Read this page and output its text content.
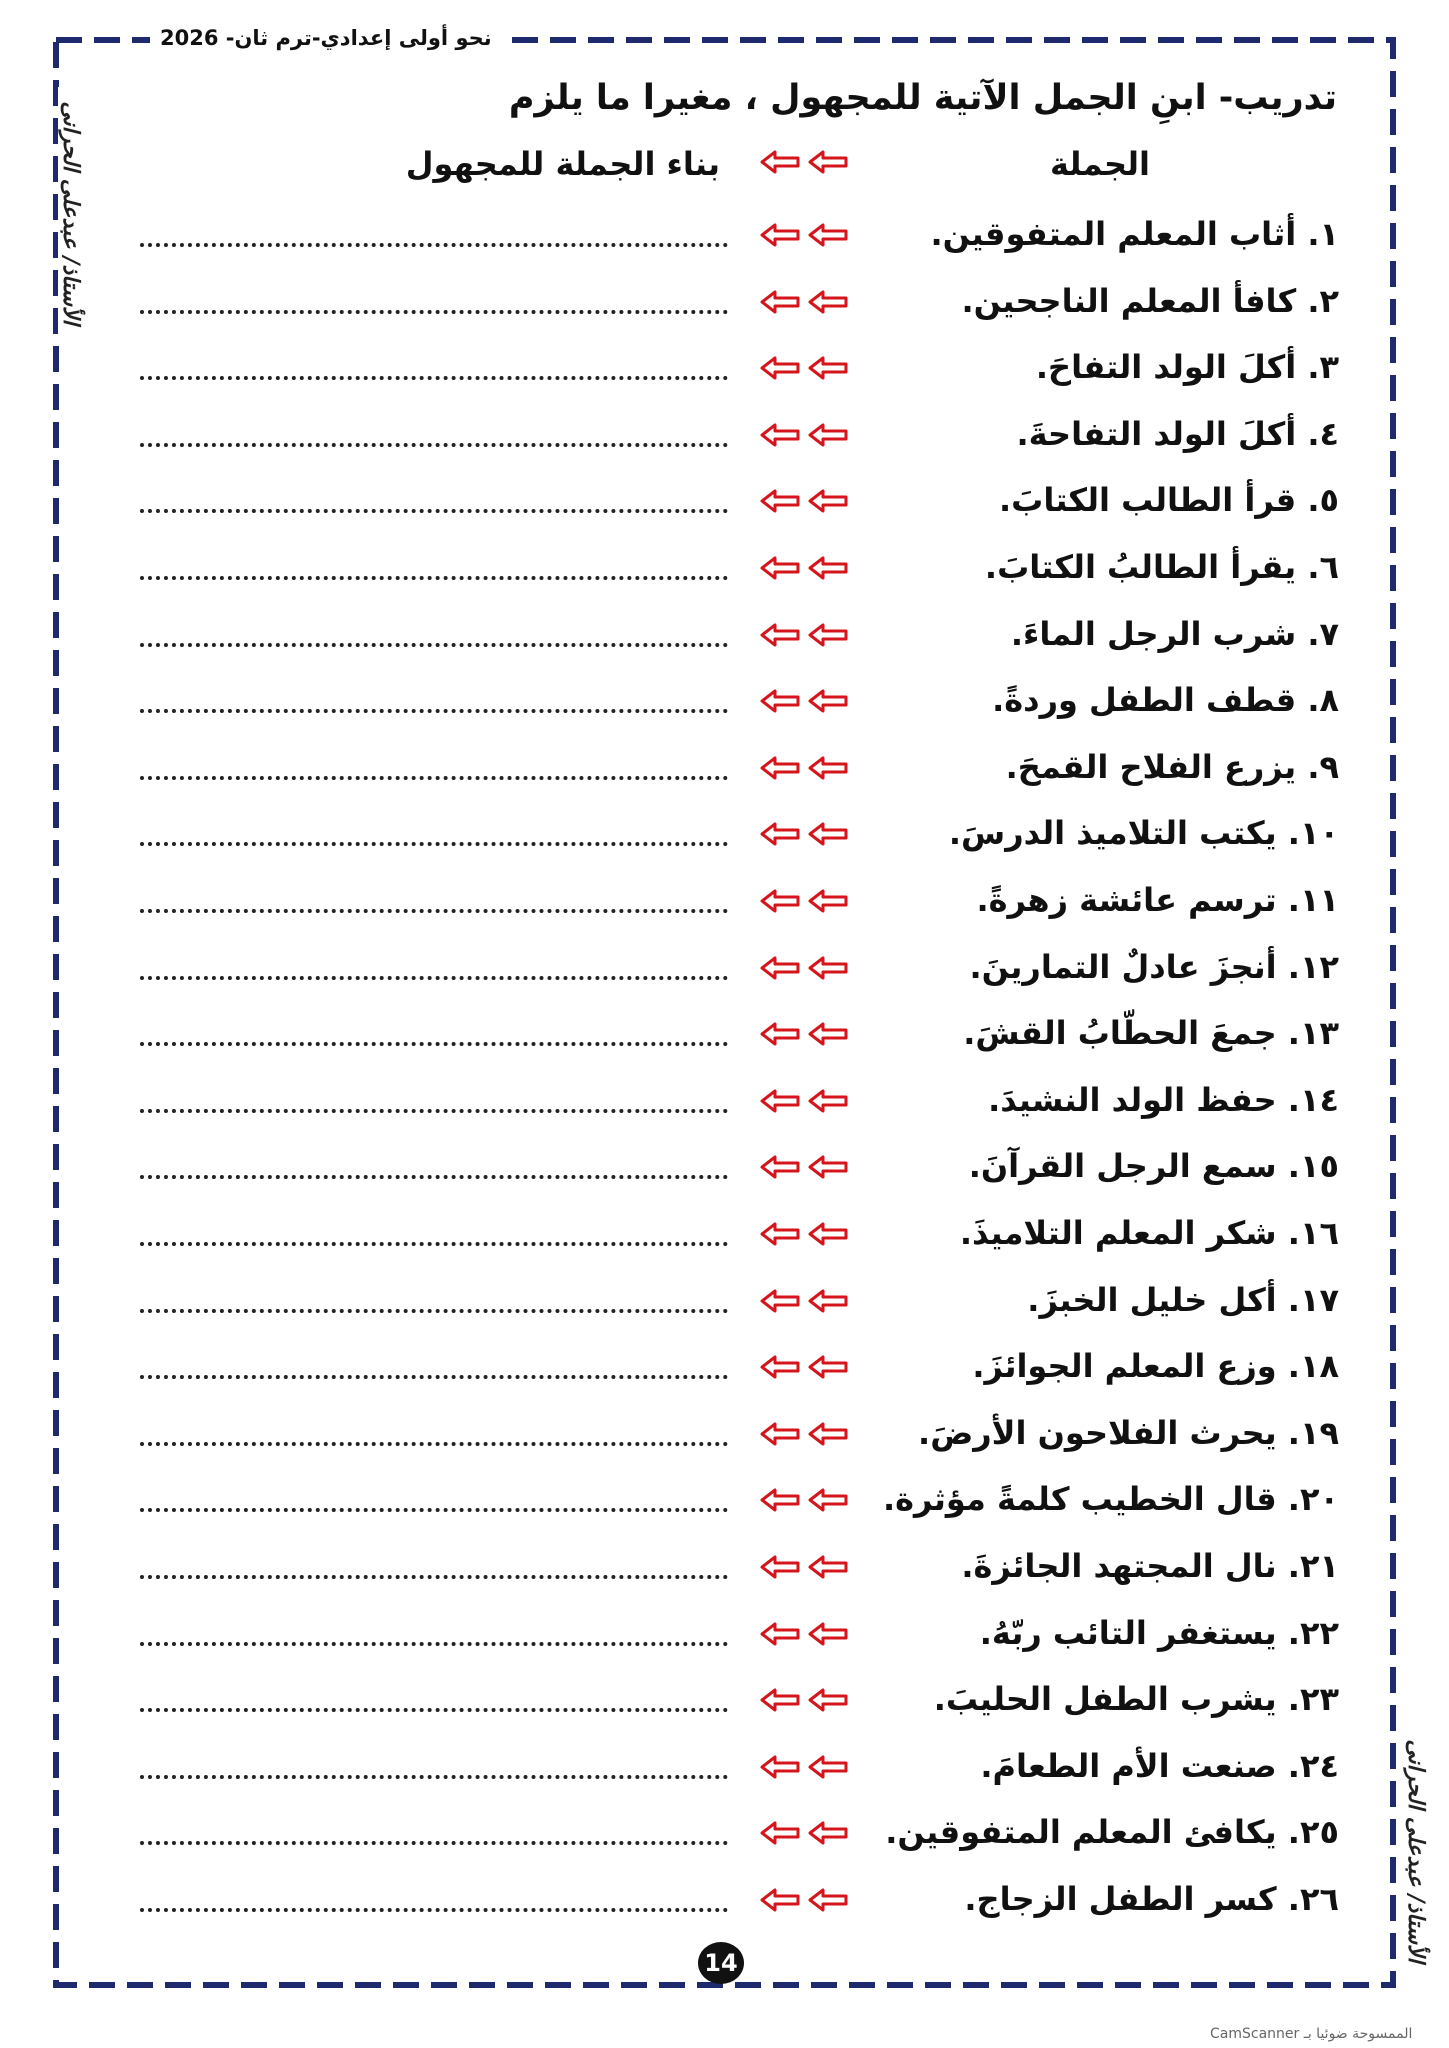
نحو أولى إعدادي-ترم ثان- 2026
الأستاذ/ عبدعلى الحرانى
الأستاذ/ عبدعلى الحرانى
تدريب- ابنِ الجمل الآتية للمجهول ، مغيرا ما يلزم
الجملة
بناء الجملة للمجهول
١. أثاب المعلم المتفوقين.
٢. كافأ المعلم الناجحين.
٣. أكلَ الولد التفاحَ.
٤. أكلَ الولد التفاحةَ.
٥. قرأ الطالب الكتابَ.
٦. يقرأ الطالبُ الكتابَ.
٧. شرب الرجل الماءَ.
٨. قطف الطفل وردةً.
٩. يزرع الفلاح القمحَ.
١٠. يكتب التلاميذ الدرسَ.
١١. ترسم عائشة زهرةً.
١٢. أنجزَ عادلٌ التمارينَ.
١٣. جمعَ الحطّابُ القشَ.
١٤. حفظ الولد النشيدَ.
١٥. سمع الرجل القرآنَ.
١٦. شكر المعلم التلاميذَ.
١٧. أكل خليل الخبزَ.
١٨. وزع المعلم الجوائزَ.
١٩. يحرث الفلاحون الأرضَ.
٢٠. قال الخطيب كلمةً مؤثرة.
٢١. نال المجتهد الجائزةَ.
٢٢. يستغفر التائب ربّهُ.
٢٣. يشرب الطفل الحليبَ.
٢٤. صنعت الأم الطعامَ.
٢٥. يكافئ المعلم المتفوقين.
٢٦. كسر الطفل الزجاج.
14
الممسوحة ضوئيا بـ CamScanner
